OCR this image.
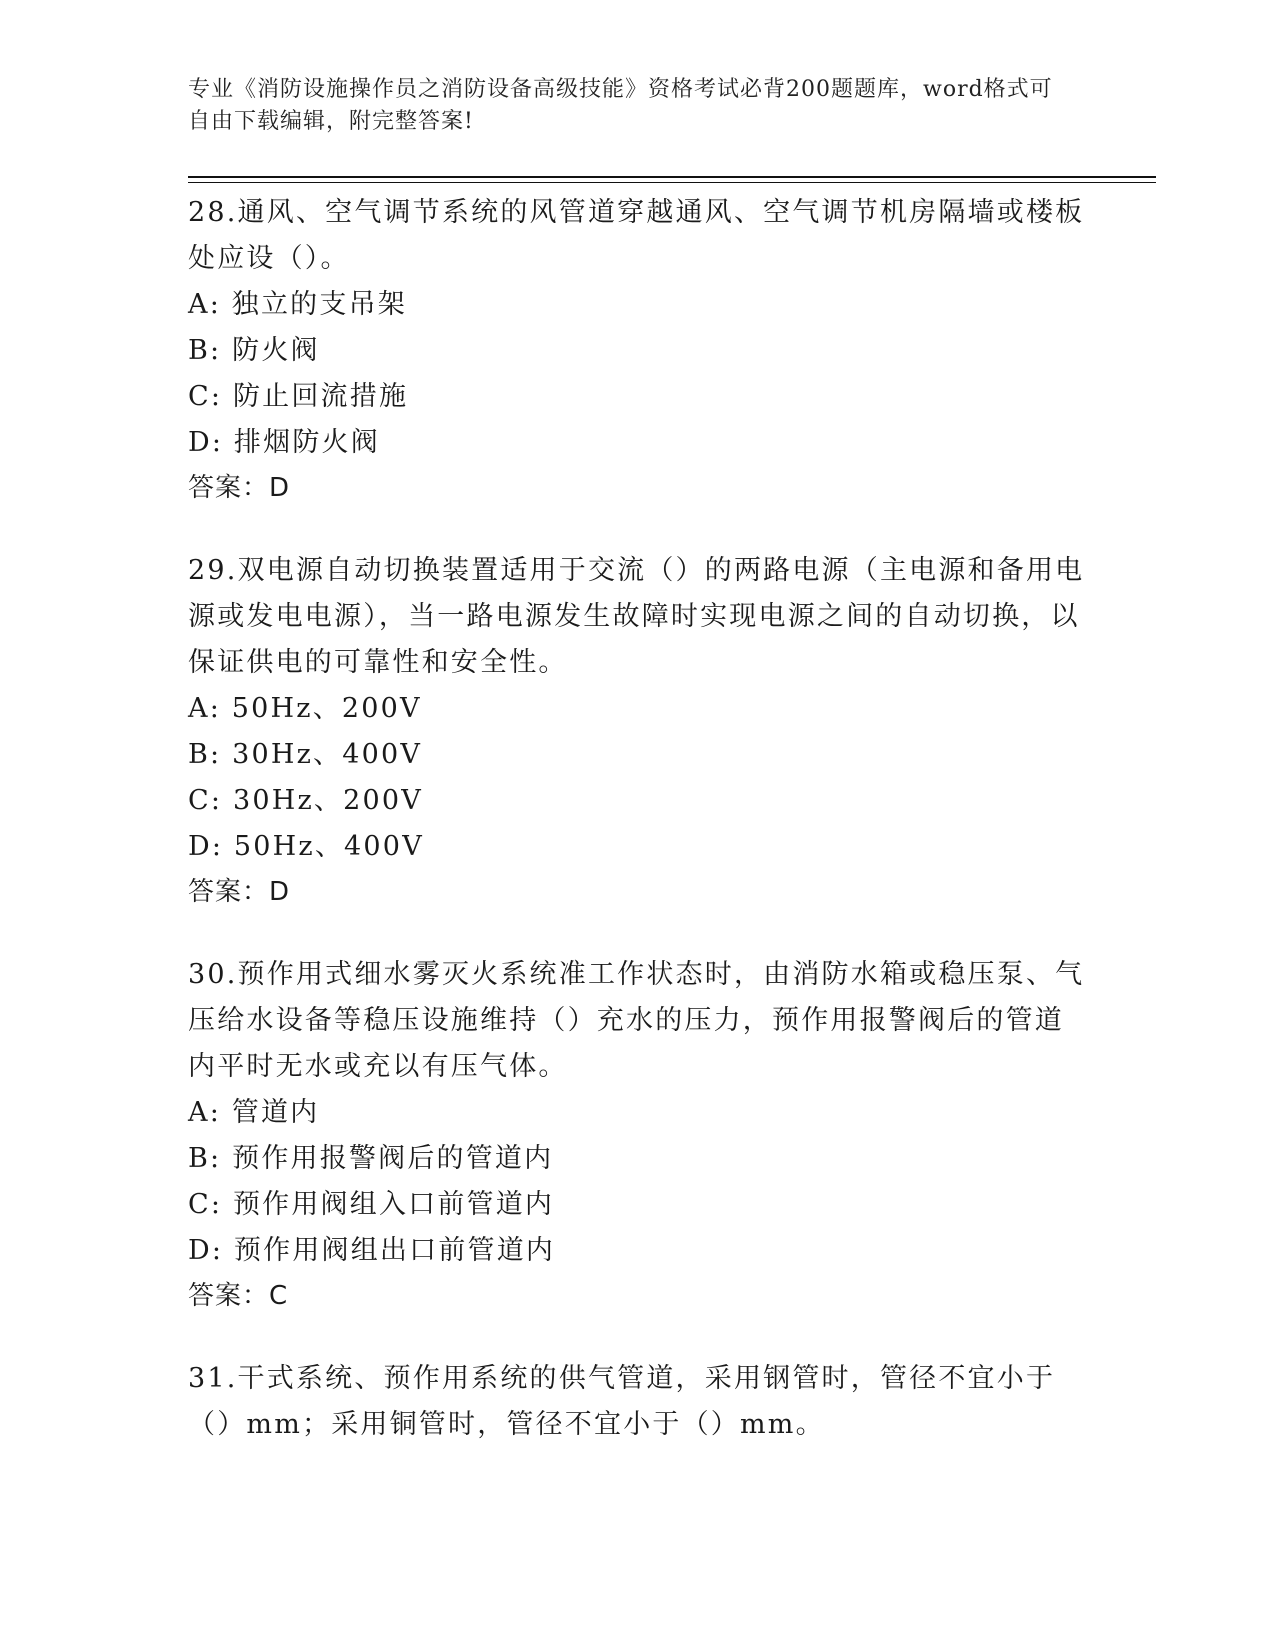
专业《消防设施操作员之消防设备高级技能》资格考试必背200题题库，word格式可自由下载编辑，附完整答案!

28.通风、空气调节系统的风管道穿越通风、空气调节机房隔墙或楼板处应设（）。

A: 独立的支吊架

B: 防火阀

C: 防止回流措施

D: 排烟防火阀

答案：D

29.双电源自动切换装置适用于交流（）的两路电源（主电源和备用电源或发电电源），当一路电源发生故障时实现电源之间的自动切换，以保证供电的可靠性和安全性。

A: 50Hz、200V

B: 30Hz、400V

C: 30Hz、200V

D: 50Hz、400V

答案：D

30.预作用式细水雾灭火系统准工作状态时，由消防水箱或稳压泵、气压给水设备等稳压设施维持（）充水的压力，预作用报警阀后的管道内平时无水或充以有压气体。

A: 管道内

B: 预作用报警阀后的管道内

C: 预作用阀组入口前管道内

D: 预作用阀组出口前管道内

答案：C

31.干式系统、预作用系统的供气管道，采用钢管时，管径不宜小于（）mm；采用铜管时，管径不宜小于（）mm。
